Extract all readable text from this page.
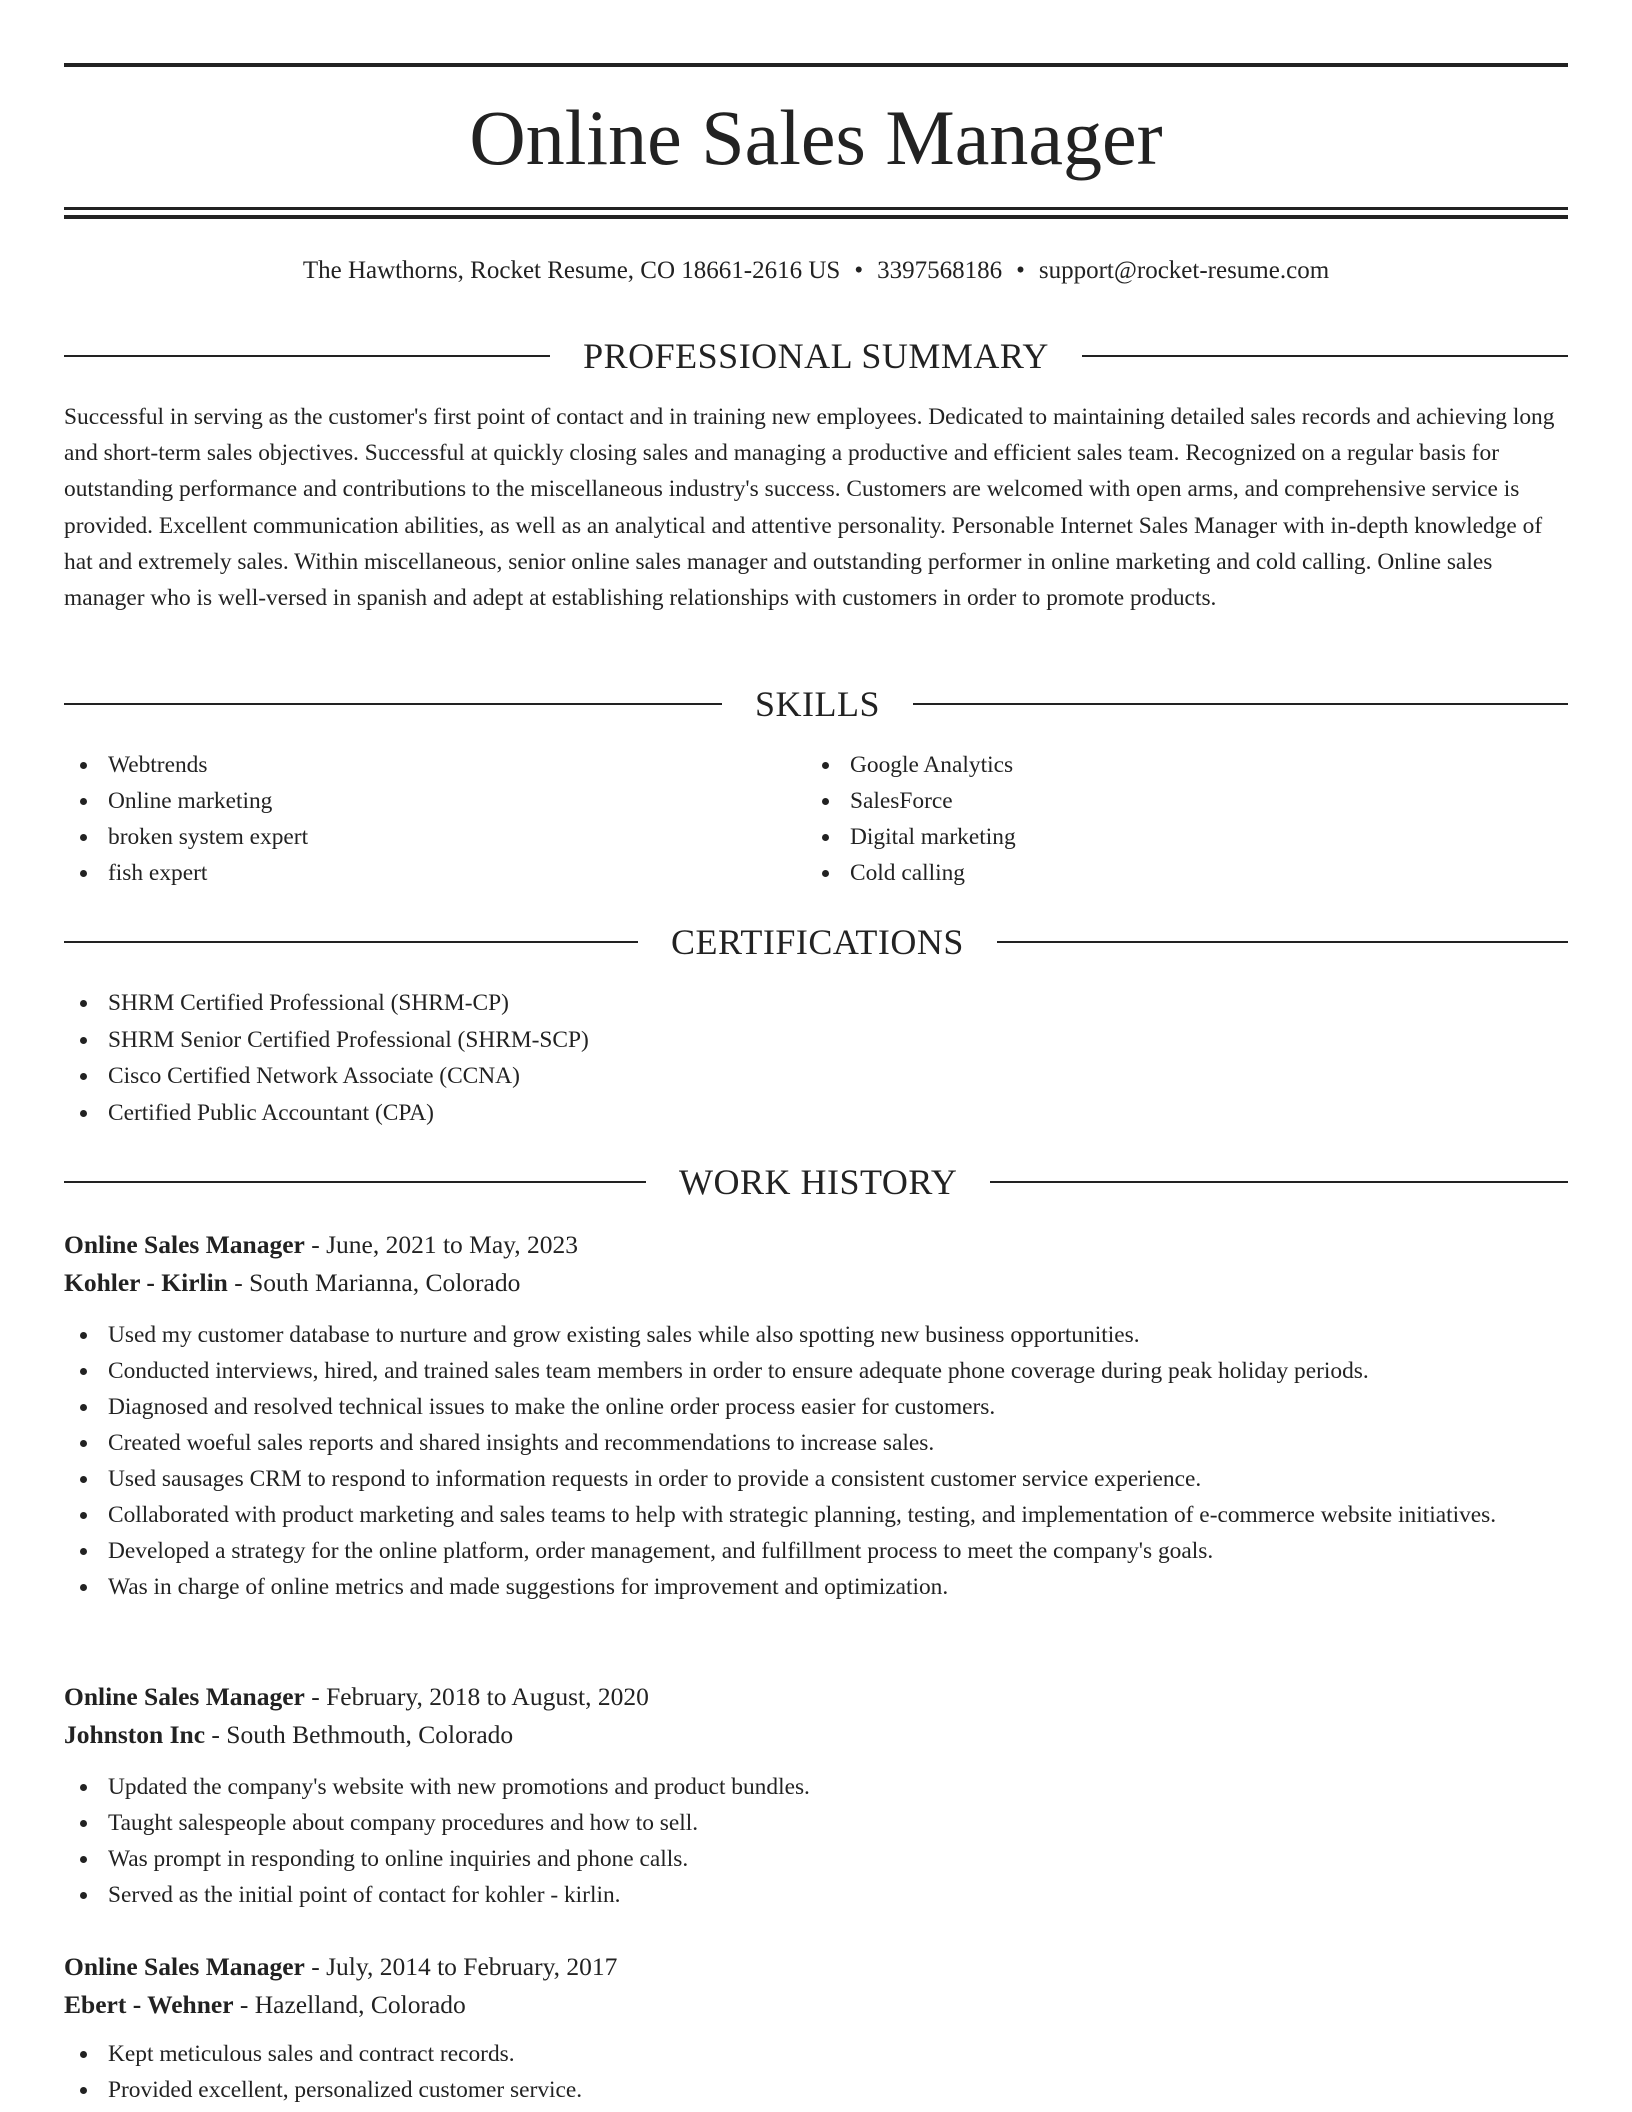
Online Sales Manager
The Hawthorns, Rocket Resume, CO 18661-2616 US • 3397568186 • support@rocket-resume.com
PROFESSIONAL SUMMARY

Successful in serving as the customer's first point of contact and in training new employees. Dedicated to maintaining detailed sales records and achieving long and short-term sales objectives. Successful at quickly closing sales and managing a productive and efficient sales team. Recognized on a regular basis for outstanding performance and contributions to the miscellaneous industry's success. Customers are welcomed with open arms, and comprehensive service is provided. Excellent communication abilities, as well as an analytical and attentive personality. Personable Internet Sales Manager with in-depth knowledge of hat and extremely sales. Within miscellaneous, senior online sales manager and outstanding performer in online marketing and cold calling. Online sales manager who is well-versed in spanish and adept at establishing relationships with customers in order to promote products.

SKILLS
Webtrends
Online marketing
broken system expert
fish expert
Google Analytics
SalesForce
Digital marketing
Cold calling
CERTIFICATIONS
SHRM Certified Professional (SHRM-CP)
SHRM Senior Certified Professional (SHRM-SCP)
Cisco Certified Network Associate (CCNA)
Certified Public Accountant (CPA)
WORK HISTORY
Online Sales Manager - June, 2021 to May, 2023
Kohler - Kirlin - South Marianna, Colorado
Used my customer database to nurture and grow existing sales while also spotting new business opportunities.
Conducted interviews, hired, and trained sales team members in order to ensure adequate phone coverage during peak holiday periods.
Diagnosed and resolved technical issues to make the online order process easier for customers.
Created woeful sales reports and shared insights and recommendations to increase sales.
Used sausages CRM to respond to information requests in order to provide a consistent customer service experience.
Collaborated with product marketing and sales teams to help with strategic planning, testing, and implementation of e-commerce website initiatives.
Developed a strategy for the online platform, order management, and fulfillment process to meet the company's goals.
Was in charge of online metrics and made suggestions for improvement and optimization.
Online Sales Manager - February, 2018 to August, 2020
Johnston Inc - South Bethmouth, Colorado
Updated the company's website with new promotions and product bundles.
Taught salespeople about company procedures and how to sell.
Was prompt in responding to online inquiries and phone calls.
Served as the initial point of contact for kohler - kirlin.
Online Sales Manager - July, 2014 to February, 2017
Ebert - Wehner - Hazelland, Colorado
Kept meticulous sales and contract records.
Provided excellent, personalized customer service.
